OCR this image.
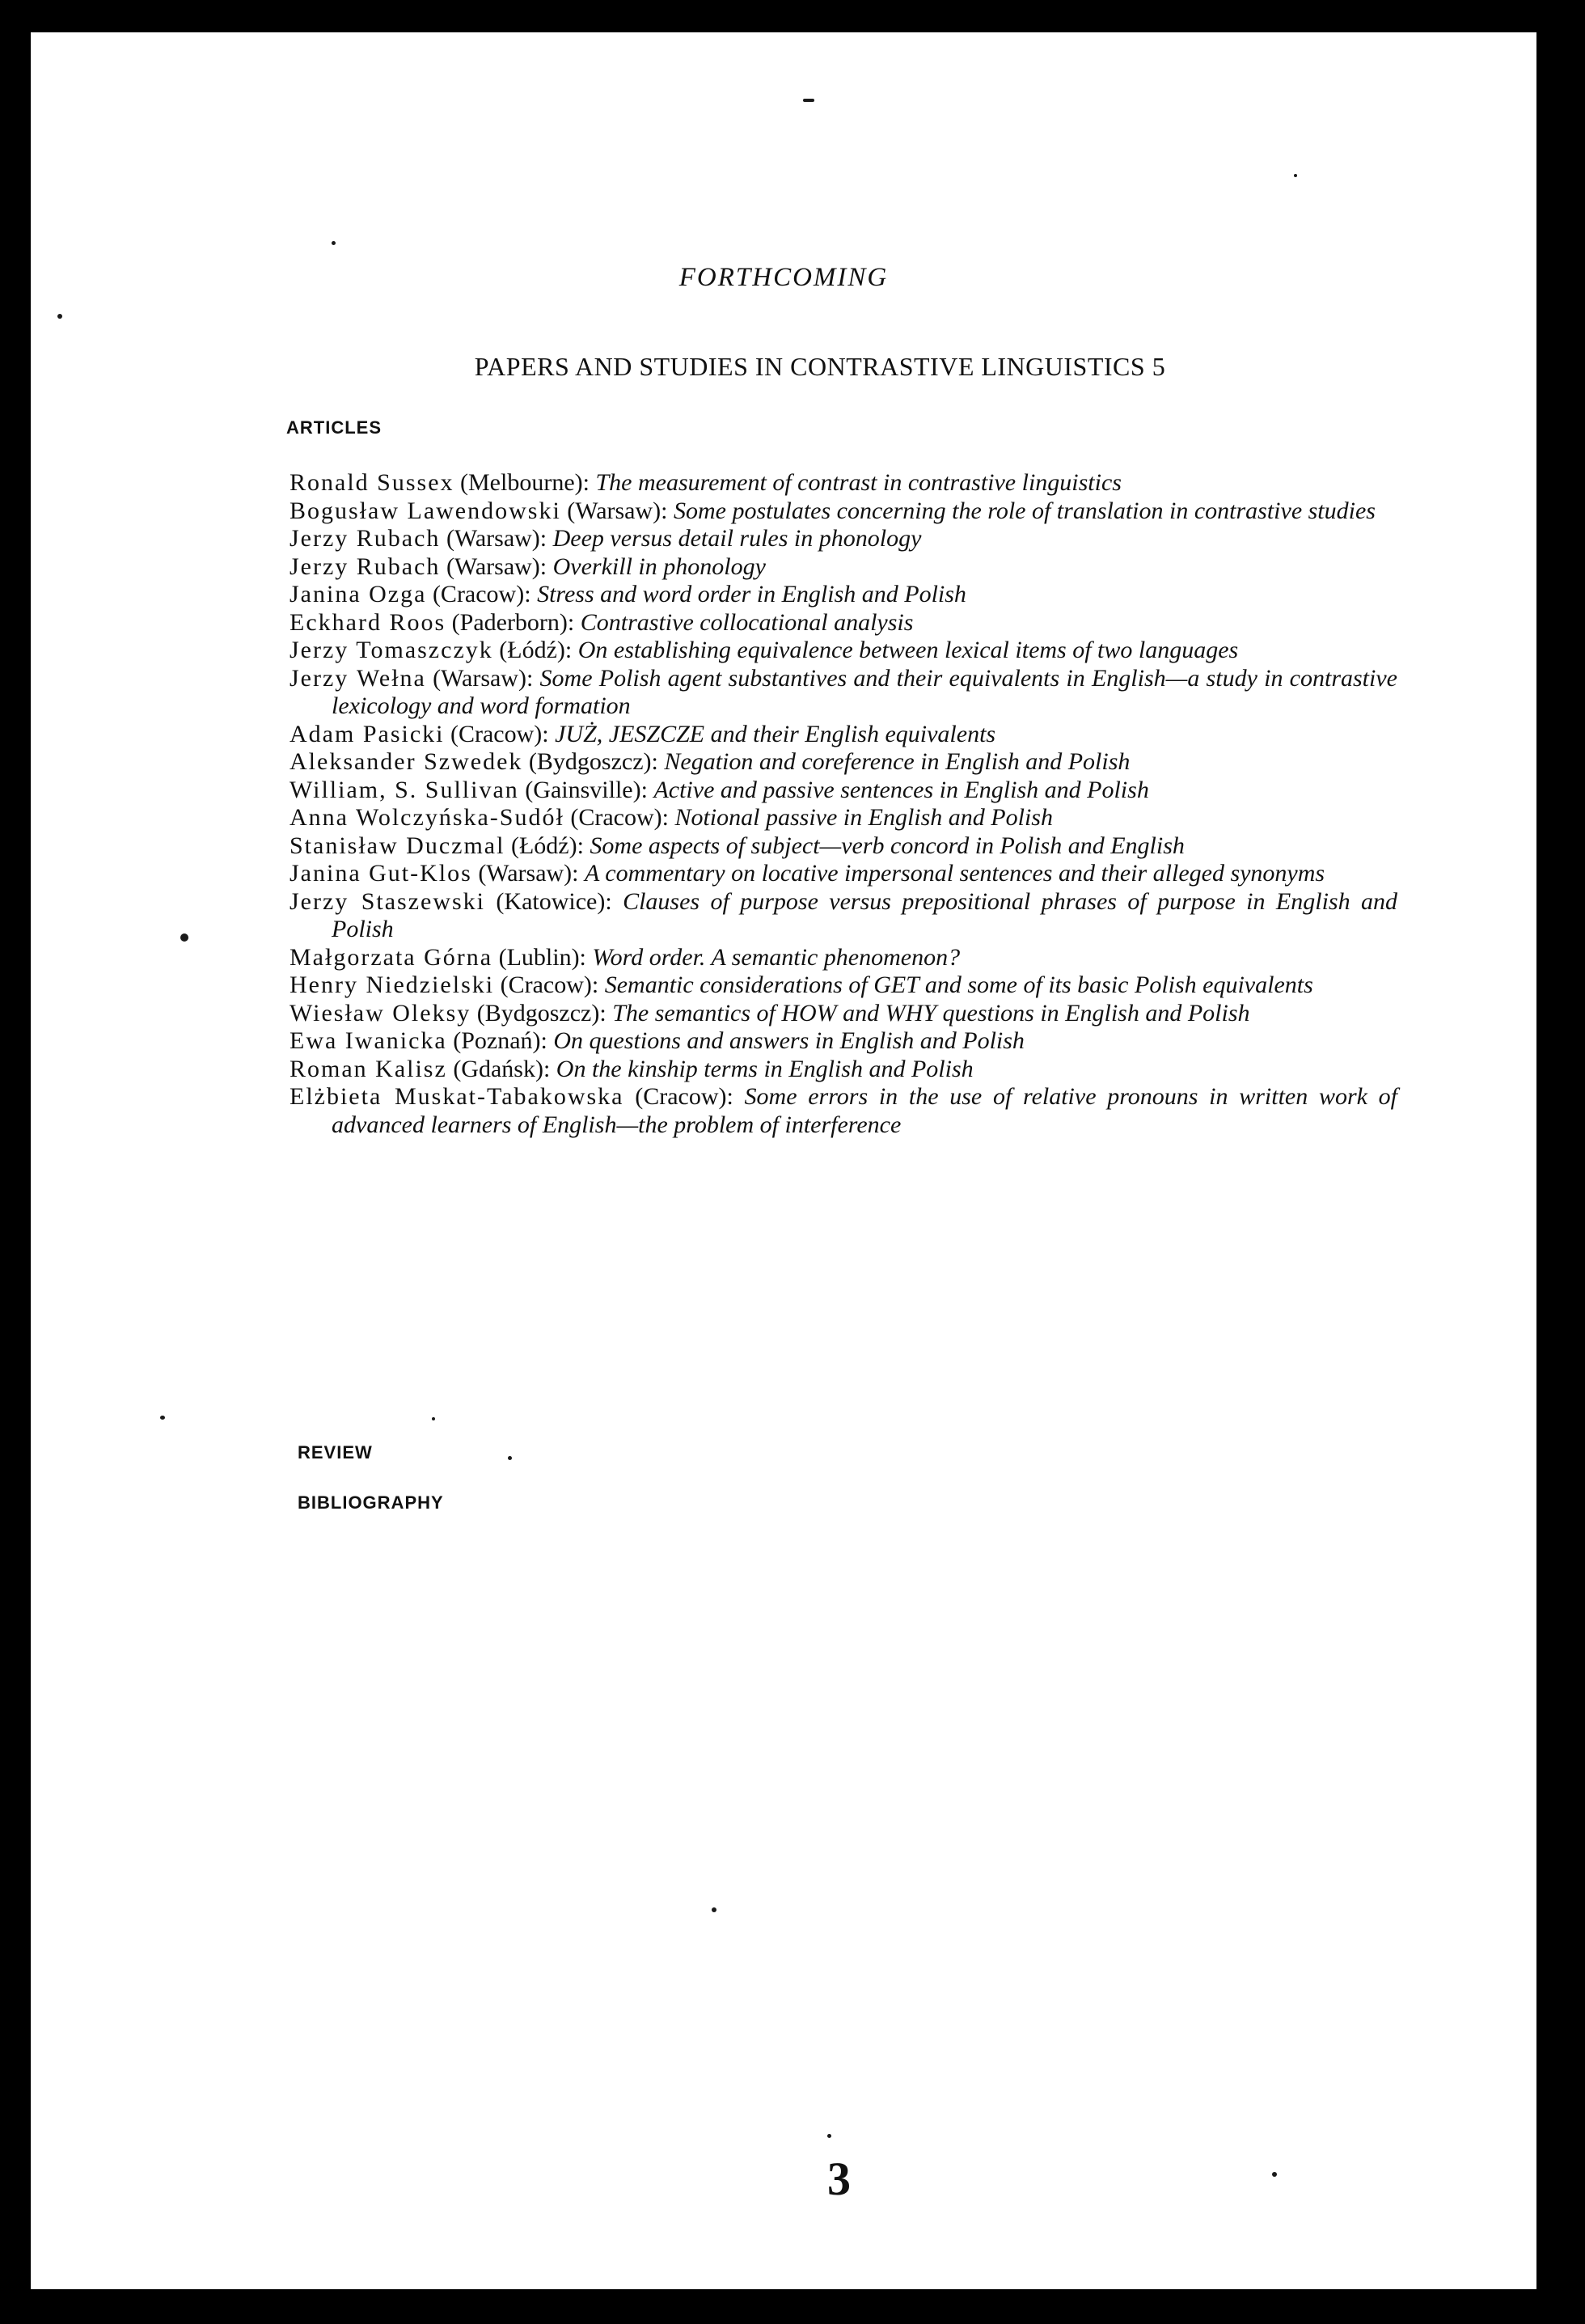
FORTHCOMING
PAPERS AND STUDIES IN CONTRASTIVE LINGUISTICS 5
ARTICLES
Ronald Sussex (Melbourne): The measurement of contrast in contrastive linguistics
Bogusław Lawendowski (Warsaw): Some postulates concerning the role of translation in contrastive studies
Jerzy Rubach (Warsaw): Deep versus detail rules in phonology
Jerzy Rubach (Warsaw): Overkill in phonology
Janina Ozga (Cracow): Stress and word order in English and Polish
Eckhard Roos (Paderborn): Contrastive collocational analysis
Jerzy Tomaszczyk (Łódź): On establishing equivalence between lexical items of two languages
Jerzy Wełna (Warsaw): Some Polish agent substantives and their equivalents in English—a study in contrastive lexicology and word formation
Adam Pasicki (Cracow): JUŻ, JESZCZE and their English equivalents
Aleksander Szwedek (Bydgoszcz): Negation and coreference in English and Polish
William, S. Sullivan (Gainsville): Active and passive sentences in English and Polish
Anna Wolczyńska-Sudół (Cracow): Notional passive in English and Polish
Stanisław Duczmal (Łódź): Some aspects of subject—verb concord in Polish and English
Janina Gut-Klos (Warsaw): A commentary on locative impersonal sentences and their alleged synonyms
Jerzy Staszewski (Katowice): Clauses of purpose versus prepositional phrases of purpose in English and Polish
Małgorzata Górna (Lublin): Word order. A semantic phenomenon?
Henry Niedzielski (Cracow): Semantic considerations of GET and some of its basic Polish equivalents
Wiesław Oleksy (Bydgoszcz): The semantics of HOW and WHY questions in English and Polish
Ewa Iwanicka (Poznań): On questions and answers in English and Polish
Roman Kalisz (Gdańsk): On the kinship terms in English and Polish
Elżbieta Muskat-Tabakowska (Cracow): Some errors in the use of relative pronouns in written work of advanced learners of English—the problem of interference
REVIEW
BIBLIOGRAPHY
3
